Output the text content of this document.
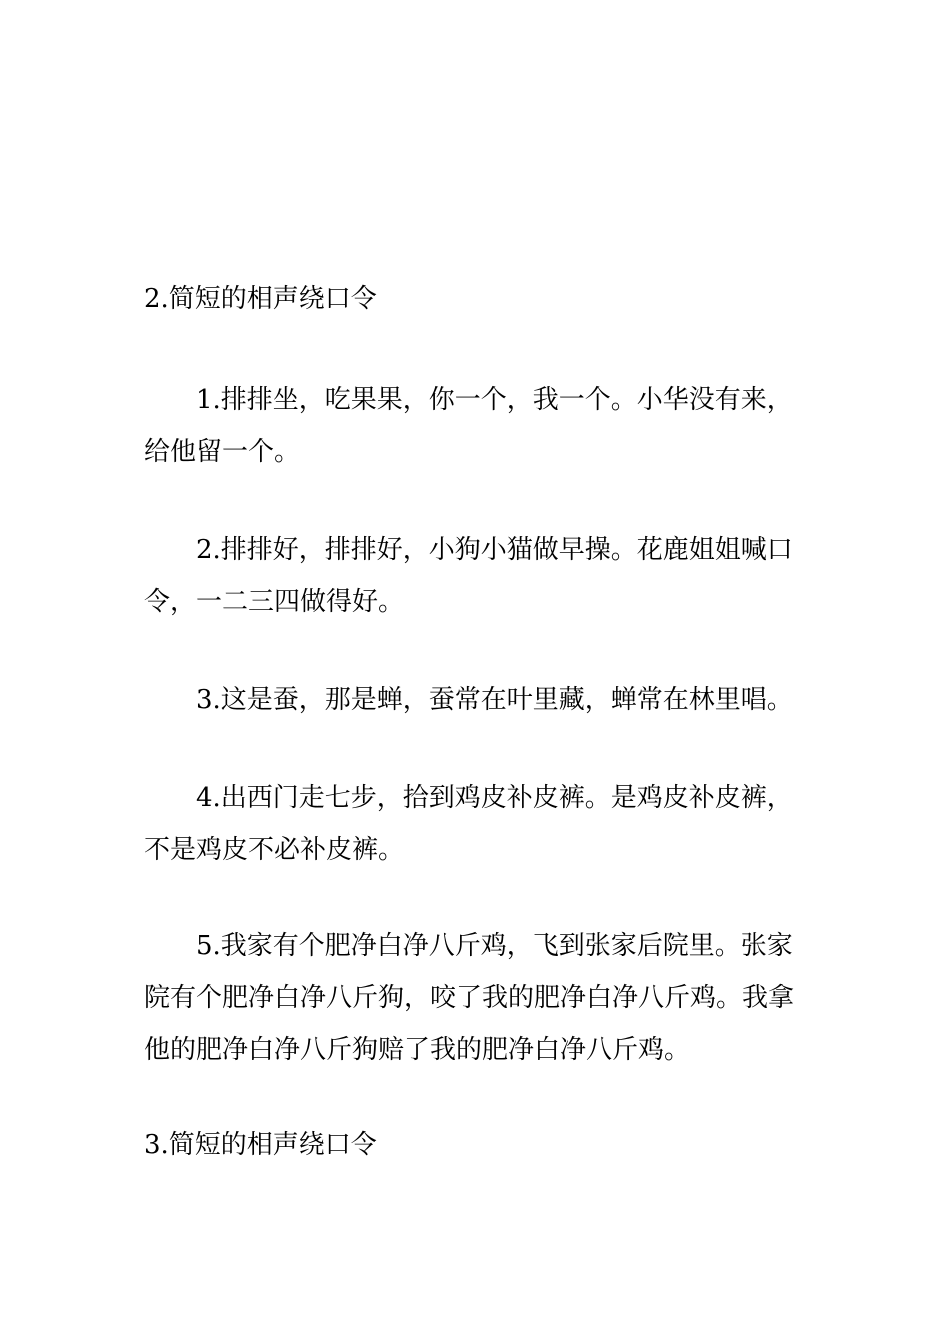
2.简短的相声绕口令
1.排排坐，吃果果，你一个，我一个。小华没有来，给他留一个。
2.排排好，排排好，小狗小猫做早操。花鹿姐姐喊口令，一二三四做得好。
3.这是蚕，那是蝉，蚕常在叶里藏，蝉常在林里唱。
4.出西门走七步，拾到鸡皮补皮裤。是鸡皮补皮裤，不是鸡皮不必补皮裤。
5.我家有个肥净白净八斤鸡，飞到张家后院里。张家院有个肥净白净八斤狗，咬了我的肥净白净八斤鸡。我拿他的肥净白净八斤狗赔了我的肥净白净八斤鸡。
3.简短的相声绕口令
